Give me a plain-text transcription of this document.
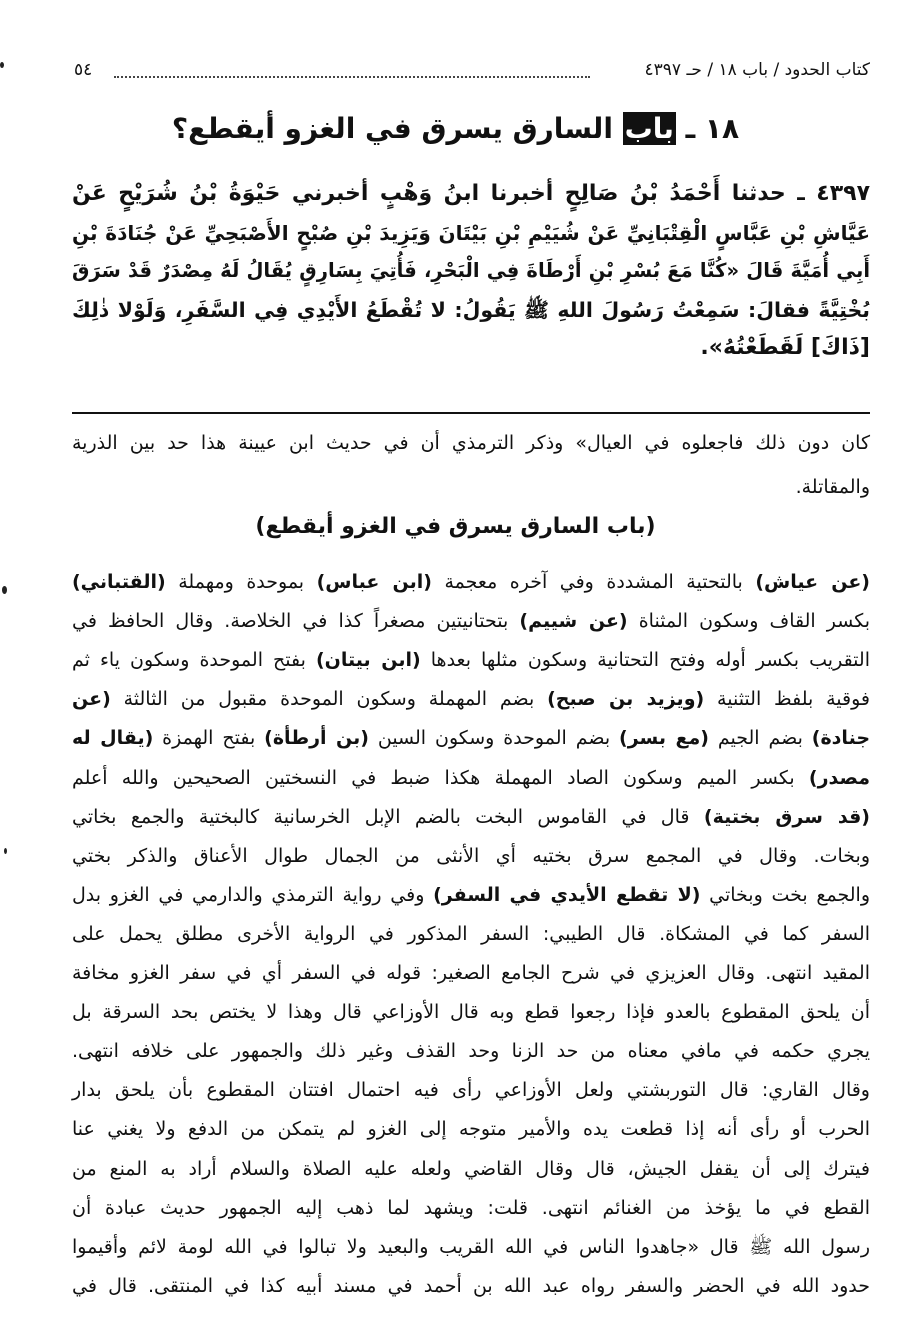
كتاب الحدود / باب ١٨ / حـ ٤٣٩٧
٥٤
١٨ ـ باب السارق يسرق في الغزو أيقطع؟
٤٣٩٧ ـ حدثنا أَحْمَدُ بْنُ صَالِحٍ أخبرنا ابنُ وَهْبٍ أخبرني حَيْوَةُ بْنُ شُرَيْحٍ عَنْ
عَيَّاشِ بْنِ عَبَّاسٍ الْقِتْبَانِيِّ عَنْ شُيَيْمِ بْنِ بَيْتَانَ وَيَزِيدَ بْنِ صُبْحٍ الأَصْبَحِيِّ عَنْ جُنَادَةَ بْنِ
أَبِي أُمَيَّةَ قَالَ «كُنَّا مَعَ بُسْرِ بْنِ أَرْطَاةَ فِي الْبَحْرِ، فَأُتِيَ بِسَارِقٍ يُقَالُ لَهُ مِصْدَرٌ قَدْ سَرَقَ
بُخْتِيَّةً فقالَ: سَمِعْتُ رَسُولَ اللهِ ﷺ يَقُولُ: لا تُقْطَعُ الأَيْدِي فِي السَّفَرِ، وَلَوْلا ذٰلِكَ
[ذَاكَ] لَقَطَعْتُهُ».
كان دون ذلك فاجعلوه في العيال» وذكر الترمذي أن في حديث ابن عيينة هذا حد بين الذرية
والمقاتلة.
(باب السارق يسرق في الغزو أيقطع)
(عن عياش) بالتحتية المشددة وفي آخره معجمة (ابن عباس) بموحدة ومهملة (القتباني)
بكسر القاف وسكون المثناة (عن شييم) بتحتانيتين مصغراً كذا في الخلاصة. وقال الحافظ في
التقريب بكسر أوله وفتح التحتانية وسكون مثلها بعدها (ابن بيتان) بفتح الموحدة وسكون ياء ثم
فوقية بلفظ التثنية (ويزيد بن صبح) بضم المهملة وسكون الموحدة مقبول من الثالثة (عن
جنادة) بضم الجيم (مع بسر) بضم الموحدة وسكون السين (بن أرطأة) بفتح الهمزة (يقال له
مصدر) بكسر الميم وسكون الصاد المهملة هكذا ضبط في النسختين الصحيحين والله أعلم
(قد سرق بختية) قال في القاموس البخت بالضم الإبل الخرسانية كالبختية والجمع بخاتي
وبخات. وقال في المجمع سرق بختيه أي الأنثى من الجمال طوال الأعناق والذكر بختي
والجمع بخت وبخاتي (لا تقطع الأيدي في السفر) وفي رواية الترمذي والدارمي في الغزو بدل
السفر كما في المشكاة. قال الطيبي: السفر المذكور في الرواية الأخرى مطلق يحمل على
المقيد انتهى. وقال العزيزي في شرح الجامع الصغير: قوله في السفر أي في سفر الغزو مخافة
أن يلحق المقطوع بالعدو فإذا رجعوا قطع وبه قال الأوزاعي قال وهذا لا يختص بحد السرقة بل
يجري حكمه في مافي معناه من حد الزنا وحد القذف وغير ذلك والجمهور على خلافه انتهى.
وقال القاري: قال التوربشتي ولعل الأوزاعي رأى فيه احتمال افتتان المقطوع بأن يلحق بدار
الحرب أو رأى أنه إذا قطعت يده والأمير متوجه إلى الغزو لم يتمكن من الدفع ولا يغني عنا
فيترك إلى أن يقفل الجيش، قال وقال القاضي ولعله عليه الصلاة والسلام أراد به المنع من
القطع في ما يؤخذ من الغنائم انتهى. قلت: ويشهد لما ذهب إليه الجمهور حديث عبادة أن
رسول الله ﷺ قال «جاهدوا الناس في الله القريب والبعيد ولا تبالوا في الله لومة لائم وأقيموا
حدود الله في الحضر والسفر رواه عبد الله بن أحمد في مسند أبيه كذا في المنتقى. قال في
